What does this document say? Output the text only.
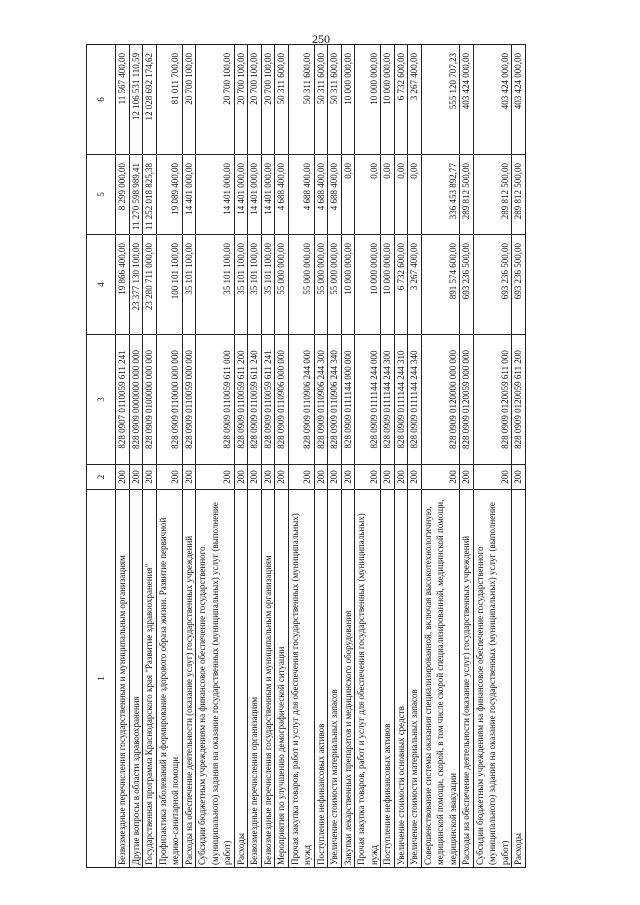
250
1	2	3	4	5	6
Безвозмездные перечисления государственным и муниципальным организациям	200	828 0907 0110059 611 241	19 866 400,00	8 299 000,00	11 567 400,00
Другие вопросы в области здравоохранения	200	828 0909 0000000 000 000	23 377 130 100,00	11 270 598 989,41	12 106 531 110,59
Государственная программа Краснодарского края "Развитие здравоохранения"	200	828 0909 0100000 000 000	23 280 711 000,00	11 252 018 825,38	12 028 692 174,62
Профилактика заболеваний и формирование здорового образа жизни. Развитие первичной медико-санитарной помощи	200	828 0909 0110000 000 000	100 101 100,00	19 089 400,00	81 011 700,00
Расходы на обеспечение деятельности (оказание услуг) государственных учреждений	200	828 0909 0110059 000 000	35 101 100,00	14 401 000,00	20 700 100,00
Субсидии бюджетным учреждениям на финансовое обеспечение государственного (муниципального) задания на оказание государственных (муниципальных) услуг (выполнение работ)	200	828 0909 0110059 611 000	35 101 100,00	14 401 000,00	20 700 100,00
Расходы	200	828 0909 0110059 611 200	35 101 100,00	14 401 000,00	20 700 100,00
Безвозмездные перечисления организациям	200	828 0909 0110059 611 240	35 101 100,00	14 401 000,00	20 700 100,00
Безвозмездные перечисления государственным и муниципальным организациям	200	828 0909 0110059 611 241	35 101 100,00	14 401 000,00	20 700 100,00
Мероприятия по улучшению демографической ситуации	200	828 0909 0110906 000 000	55 000 000,00	4 688 400,00	50 311 600,00
Прочая закупка товаров, работ и услуг для обеспечения государственных (муниципальных) нужд	200	828 0909 0110906 244 000	55 000 000,00	4 688 400,00	50 311 600,00
Поступление нефинансовых активов	200	828 0909 0110906 244 300	55 000 000,00	4 688 400,00	50 311 600,00
Увеличение стоимости материальных запасов	200	828 0909 0110906 244 340	55 000 000,00	4 688 400,00	50 311 600,00
Закупки лекарственных препаратов и медицинского оборудования	200	828 0909 0111144 000 000	10 000 000,00	0,00	10 000 000,00
Прочая закупка товаров, работ и услуг для обеспечения государственных (муниципальных) нужд	200	828 0909 0111144 244 000	10 000 000,00	0,00	10 000 000,00
Поступление нефинансовых активов	200	828 0909 0111144 244 300	10 000 000,00	0,00	10 000 000,00
Увеличение стоимости основных средств	200	828 0909 0111144 244 310	6 732 600,00	0,00	6 732 600,00
Увеличение стоимости материальных запасов	200	828 0909 0111144 244 340	3 267 400,00	0,00	3 267 400,00
Совершенствование системы оказания специализированной, включая высокотехнологичную, медицинской помощи, скорой, в том числе скорой специализированной, медицинской помощи, медицинской эвакуации	200	828 0909 0120000 000 000	891 574 600,00	336 453 892,77	555 120 707,23
Расходы на обеспечение деятельности (оказание услуг) государственных учреждений	200	828 0909 0120059 000 000	693 236 500,00	289 812 500,00	403 424 000,00
Субсидии бюджетным учреждениям на финансовое обеспечение государственного (муниципального) задания на оказание государственных (муниципальных) услуг (выполнение работ)	200	828 0909 0120059 611 000	693 236 500,00	289 812 500,00	403 424 000,00
Расходы	200	828 0909 0120059 611 200	693 236 500,00	289 812 500,00	403 424 000,00
